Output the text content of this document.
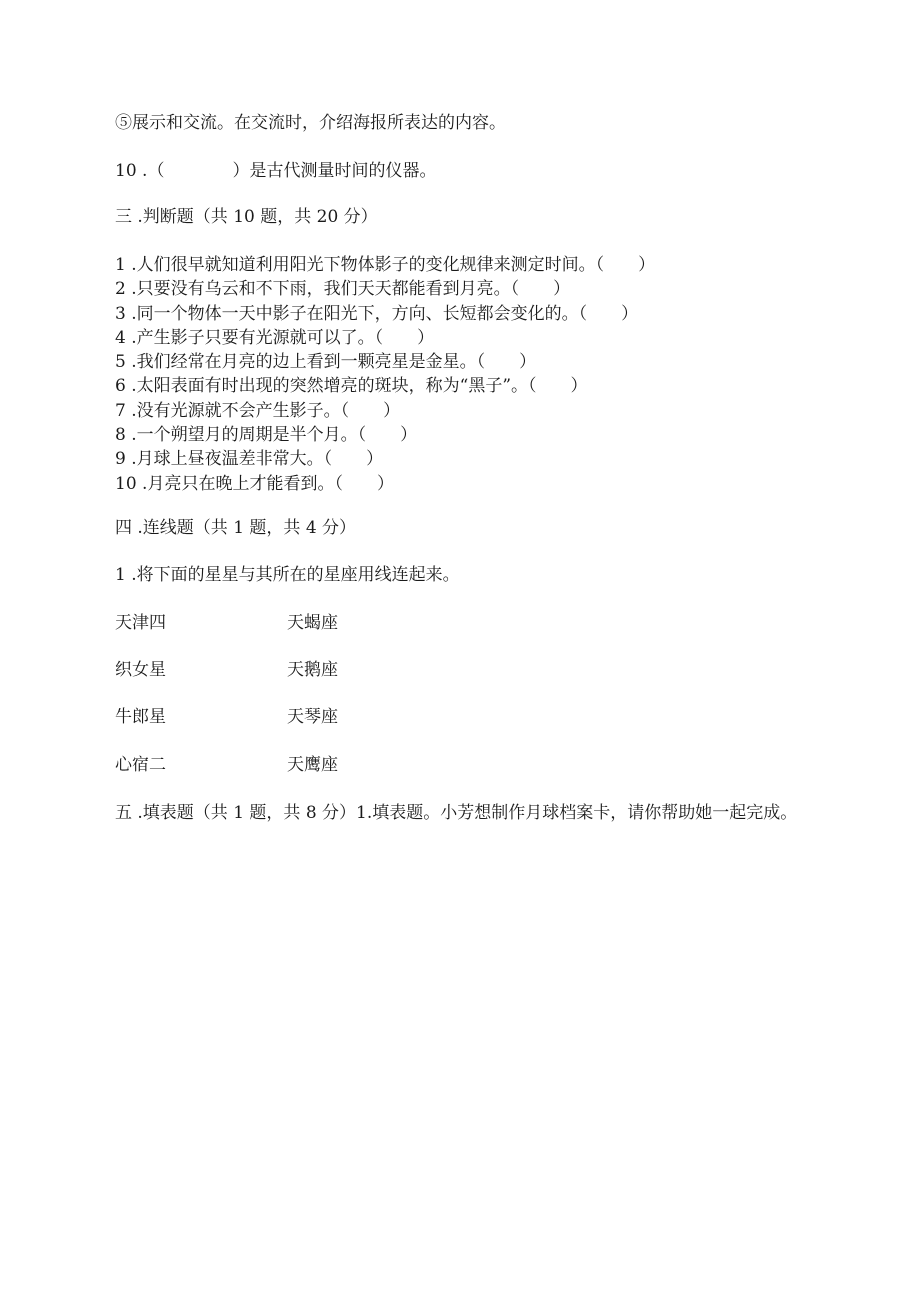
⑤展示和交流。在交流时，介绍海报所表达的内容。
10 .（　　　　）是古代测量时间的仪器。
三 .判断题（共 10 题，共 20 分）
1 .人们很早就知道利用阳光下物体影子的变化规律来测定时间。（　　）
2 .只要没有乌云和不下雨，我们天天都能看到月亮。（　　）
3 .同一个物体一天中影子在阳光下，方向、长短都会变化的。（　　）
4 .产生影子只要有光源就可以了。（　　）
5 .我们经常在月亮的边上看到一颗亮星是金星。（　　）
6 .太阳表面有时出现的突然增亮的斑块，称为“黑子”。（　　）
7 .没有光源就不会产生影子。（　　）
8 .一个朔望月的周期是半个月。（　　）
9 .月球上昼夜温差非常大。（　　）
10 .月亮只在晚上才能看到。（　　）
四 .连线题（共 1 题，共 4 分）
1 .将下面的星星与其所在的星座用线连起来。
天津四	天蝎座
织女星	天鹅座
牛郎星	天琴座
心宿二	天鹰座
五 .填表题（共 1 题，共 8 分）1.填表题。小芳想制作月球档案卡，请你帮助她一起完成。
